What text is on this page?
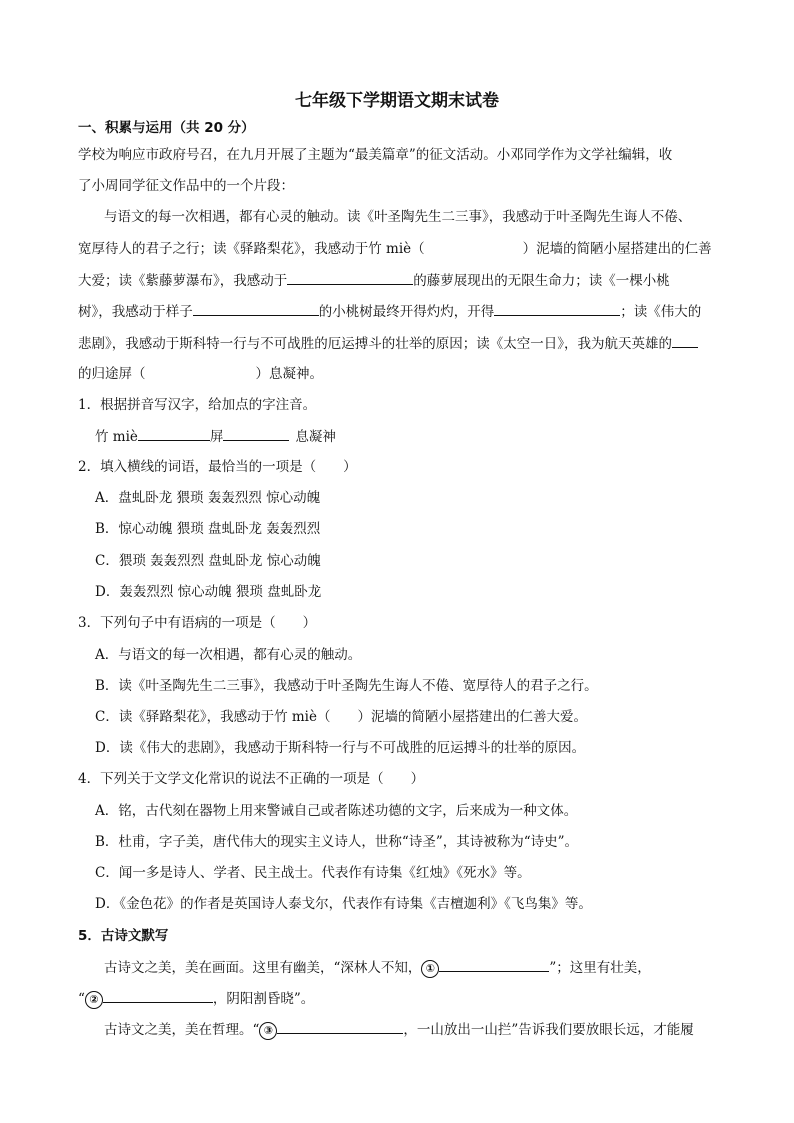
七年级下学期语文期末试卷
一、积累与运用（共 20 分）
学校为响应市政府号召，在九月开展了主题为“最美篇章”的征文活动。小邓同学作为文学社编辑，收
了小周同学征文作品中的一个片段：
与语文的每一次相遇，都有心灵的触动。读《叶圣陶先生二三事》，我感动于叶圣陶先生诲人不倦、
宽厚待人的君子之行；读《驿路梨花》，我感动于竹 miè（	）泥墙的简陋小屋搭建出的仁善
大爱；读《紫藤萝瀑布》，我感动于	的藤萝展现出的无限生命力；读《一棵小桃
树》，我感动于样子	的小桃树最终开得灼灼，开得	；读《伟大的
悲剧》，我感动于斯科特一行与不可战胜的厄运搏斗的壮举的原因；读《太空一日》，我为航天英雄的
的归途屏（	）息凝神。
1．根据拼音写汉字，给加点的字注音。
竹 miè	屏	息凝神
2．填入横线的词语，最恰当的一项是（　　）
A．盘虬卧龙 猥琐 轰轰烈烈 惊心动魄
B．惊心动魄 猥琐 盘虬卧龙 轰轰烈烈
C．猥琐 轰轰烈烈 盘虬卧龙 惊心动魄
D．轰轰烈烈 惊心动魄 猥琐 盘虬卧龙
3．下列句子中有语病的一项是（　　）
A．与语文的每一次相遇，都有心灵的触动。
B．读《叶圣陶先生二三事》，我感动于叶圣陶先生诲人不倦、宽厚待人的君子之行。
C．读《驿路梨花》，我感动于竹 miè（　　）泥墙的简陋小屋搭建出的仁善大爱。
D．读《伟大的悲剧》，我感动于斯科特一行与不可战胜的厄运搏斗的壮举的原因。
4．下列关于文学文化常识的说法不正确的一项是（　　）
A．铭，古代刻在器物上用来警诫自己或者陈述功德的文字，后来成为一种文体。
B．杜甫，字子美，唐代伟大的现实主义诗人，世称“诗圣”，其诗被称为“诗史”。
C．闻一多是诗人、学者、民主战士。代表作有诗集《红烛》《死水》等。
D．《金色花》的作者是英国诗人泰戈尔，代表作有诗集《吉檀迦利》《飞鸟集》等。
5．古诗文默写
古诗文之美，美在画面。这里有幽美，“深林人不知， ①	”；这里有壮美，
“ ②	，阴阳割昏晓”。
古诗文之美，美在哲理。“ ③	，一山放出一山拦”告诉我们要放眼长远，才能履
